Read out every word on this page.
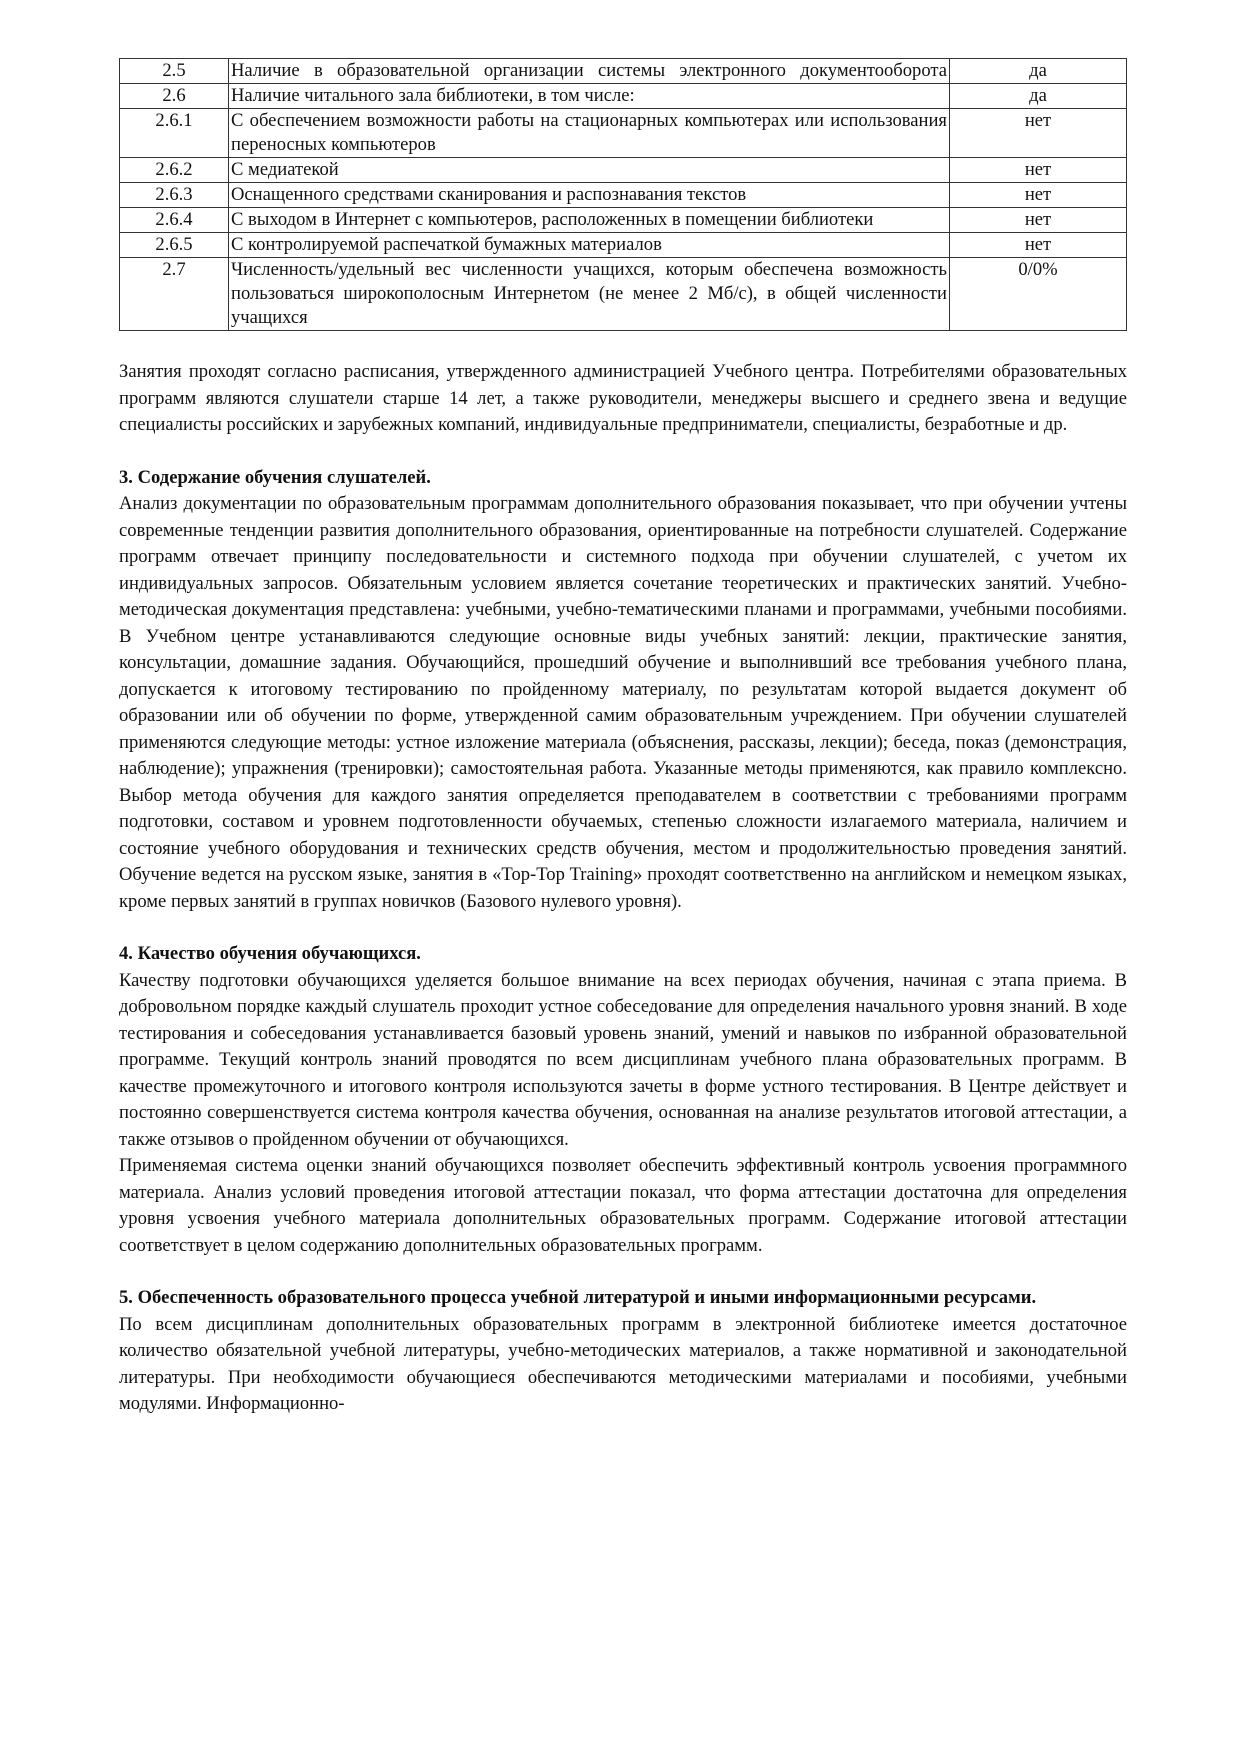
2.5	Наличие в образовательной организации системы электронного документооборота	да
2.6	Наличие читального зала библиотеки, в том числе:	да
2.6.1	С обеспечением возможности работы на стационарных компьютерах или использования переносных компьютеров	нет
2.6.2	С медиатекой	нет
2.6.3	Оснащенного средствами сканирования и распознавания текстов	нет
2.6.4	С выходом в Интернет с компьютеров, расположенных в помещении библиотеки	нет
2.6.5	С контролируемой распечаткой бумажных материалов	нет
2.7	Численность/удельный вес численности учащихся, которым обеспечена возможность пользоваться широкополосным Интернетом (не менее 2 Мб/с), в общей численности учащихся	0/0%

Занятия проходят согласно расписания, утвержденного администрацией Учебного центра. Потребителями образовательных программ являются слушатели старше 14 лет, а также руководители, менеджеры высшего и среднего звена и ведущие специалисты российских и зарубежных компаний, индивидуальные предприниматели, специалисты, безработные и др.

3. Содержание обучения слушателей.

Анализ документации по образовательным программам дополнительного образования показывает, что при обучении учтены современные тенденции развития дополнительного образования, ориентированные на потребности слушателей. Содержание программ отвечает принципу последовательности и системного подхода при обучении слушателей, с учетом их индивидуальных запросов. Обязательным условием является сочетание теоретических и практических занятий. Учебно-методическая документация представлена: учебными, учебно-тематическими планами и программами, учебными пособиями. В Учебном центре устанавливаются следующие основные виды учебных занятий: лекции, практические занятия, консультации, домашние задания. Обучающийся, прошедший обучение и выполнивший все требования учебного плана, допускается к итоговому тестированию по пройденному материалу, по результатам которой выдается документ об образовании или об обучении по форме, утвержденной самим образовательным учреждением. При обучении слушателей применяются следующие методы: устное изложение материала (объяснения, рассказы, лекции); беседа, показ (демонстрация, наблюдение); упражнения (тренировки); самостоятельная работа. Указанные методы применяются, как правило комплексно. Выбор метода обучения для каждого занятия определяется преподавателем в соответствии с требованиями программ подготовки, составом и уровнем подготовленности обучаемых, степенью сложности излагаемого материала, наличием и состояние учебного оборудования и технических средств обучения, местом и продолжительностью проведения занятий. Обучение ведется на русском языке, занятия в «Top-Top Training» проходят соответственно на английском и немецком языках, кроме первых занятий в группах новичков (Базового нулевого уровня).

4. Качество обучения обучающихся.

Качеству подготовки обучающихся уделяется большое внимание на всех периодах обучения, начиная с этапа приема. В добровольном порядке каждый слушатель проходит устное собеседование для определения начального уровня знаний. В ходе тестирования и собеседования устанавливается базовый уровень знаний, умений и навыков по избранной образовательной программе. Текущий контроль знаний проводятся по всем дисциплинам учебного плана образовательных программ. В качестве промежуточного и итогового контроля используются зачеты в форме устного тестирования. В Центре действует и постоянно совершенствуется система контроля качества обучения, основанная на анализе результатов итоговой аттестации, а также отзывов о пройденном обучении от обучающихся.

Применяемая система оценки знаний обучающихся позволяет обеспечить эффективный контроль усвоения программного материала. Анализ условий проведения итоговой аттестации показал, что форма аттестации достаточна для определения уровня усвоения учебного материала дополнительных образовательных программ. Содержание итоговой аттестации соответствует в целом содержанию дополнительных образовательных программ.

5. Обеспеченность образовательного процесса учебной литературой и иными информационными ресурсами.

По всем дисциплинам дополнительных образовательных программ в электронной библиотеке имеется достаточное количество обязательной учебной литературы, учебно-методических материалов, а также нормативной и законодательной литературы. При необходимости обучающиеся обеспечиваются методическими материалами и пособиями, учебными модулями. Информационно-
